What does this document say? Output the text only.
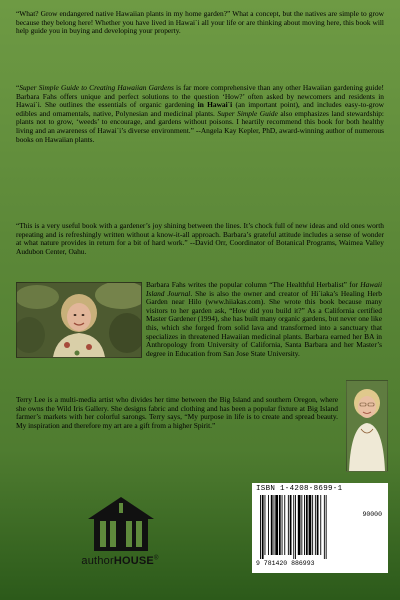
“What? Grow endangered native Hawaiian plants in my home garden?” What a concept, but the natives are simple to grow because they belong here! Whether you have lived in Hawai`i all your life or are thinking about moving here, this book will help guide you in buying and developing your property.

“Super Simple Guide to Creating Hawaiian Gardens is far more comprehensive than any other Hawaiian gardening guide! Barbara Fahs offers unique and perfect solutions to the question ‘How?’ often asked by newcomers and residents in Hawai`i. She outlines the essentials of organic gardening in Hawai`i (an important point), and includes easy-to-grow edibles and ornamentals, native, Polynesian and medicinal plants. Super Simple Guide also emphasizes land stewardship: plants not to grow, ‘weeds’ to encourage, and gardens without poisons. I heartily recommend this book for both healthy living and an awareness of Hawai`i’s diverse environment.” --Angela Kay Kepler, PhD, award-winning author of numerous books on Hawaiian plants.

“This is a very useful book with a gardener’s joy shining between the lines. It’s chock full of new ideas and old ones worth repeating and is refreshingly written without a know-it-all approach. Barbara’s grateful attitude includes a sense of wonder at what nature provides in return for a bit of hard work.” --David Orr, Coordinator of Botanical Programs, Waimea Valley Audubon Center, Oahu.

Barbara Fahs writes the popular column “The Healthful Herbalist” for Hawaii Island Journal. She is also the owner and creator of Hi`iaka’s Healing Herb Garden near Hilo (www.hiiakas.com). She wrote this book because many visitors to her garden ask, “How did you build it?” As a California certified Master Gardener (1994), she has built many organic gardens, but never one like this, which she forged from solid lava and transformed into a sanctuary that specializes in threatened Hawaiian medicinal plants. Barbara earned her BA in Anthropology from University of California, Santa Barbara and her Master’s degree in Education from San Jose State University.

Terry Lee is a multi-media artist who divides her time between the Big Island and southern Oregon, where she owns the Wild Iris Gallery. She designs fabric and clothing and has been a popular fixture at Big Island farmer’s markets with her colorful sarongs. Terry says, “My purpose in life is to create and spread beauty. My inspiration and therefore my art are a gift from a higher Spirit.”

authorHOUSE®
ISBN 1-4208-8699-1
9 781420 886993
90000
